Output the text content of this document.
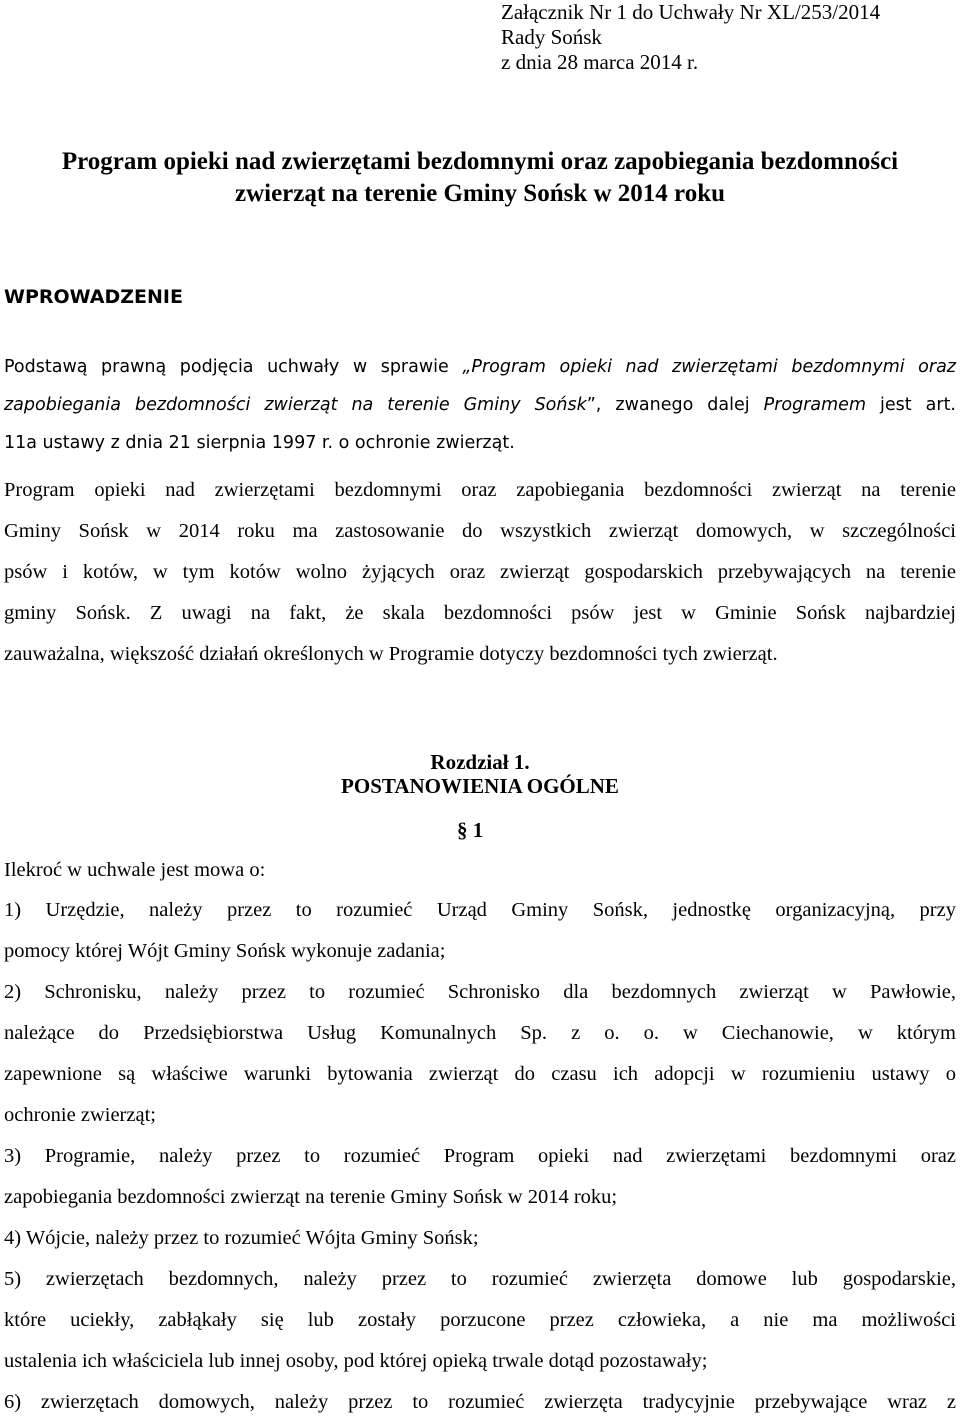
Załącznik Nr 1 do Uchwały Nr XL/253/2014
Rady Sońsk
z dnia 28 marca 2014 r.
Program opieki nad zwierzętami bezdomnymi oraz zapobiegania bezdomności
zwierząt na terenie Gminy Sońsk w 2014 roku
WPROWADZENIE
Podstawą prawną podjęcia uchwały w sprawie „Program opieki nad zwierzętami bezdomnymi oraz
zapobiegania bezdomności zwierząt na terenie Gminy Sońsk”, zwanego dalej Programem jest art.
11a ustawy z dnia 21 sierpnia 1997 r. o ochronie zwierząt.
Program opieki nad zwierzętami bezdomnymi oraz zapobiegania bezdomności zwierząt na terenie
Gminy Sońsk w 2014 roku ma zastosowanie do wszystkich zwierząt domowych, w szczególności
psów i kotów, w tym kotów wolno żyjących oraz zwierząt gospodarskich przebywających na terenie
gminy Sońsk. Z uwagi na fakt, że skala bezdomności psów jest w Gminie Sońsk najbardziej
zauważalna, większość działań określonych w Programie dotyczy bezdomności tych zwierząt.
Rozdział 1.
POSTANOWIENIA OGÓLNE
§ 1
Ilekroć w uchwale jest mowa o:
1) Urzędzie, należy przez to rozumieć Urząd Gminy Sońsk, jednostkę organizacyjną, przy
pomocy której Wójt Gminy Sońsk wykonuje zadania;
2) Schronisku, należy przez to rozumieć Schronisko dla bezdomnych zwierząt w Pawłowie,
należące do Przedsiębiorstwa Usług Komunalnych Sp. z o. o. w Ciechanowie, w którym
zapewnione są właściwe warunki bytowania zwierząt do czasu ich adopcji w rozumieniu ustawy o
ochronie zwierząt;
3) Programie, należy przez to rozumieć Program opieki nad zwierzętami bezdomnymi oraz
zapobiegania bezdomności zwierząt na terenie Gminy Sońsk w 2014 roku;
4) Wójcie, należy przez to rozumieć Wójta Gminy Sońsk;
5) zwierzętach bezdomnych, należy przez to rozumieć zwierzęta domowe lub gospodarskie,
które uciekły, zabłąkały się lub zostały porzucone przez człowieka, a nie ma możliwości
ustalenia ich właściciela lub innej osoby, pod której opieką trwale dotąd pozostawały;
6) zwierzętach domowych, należy przez to rozumieć zwierzęta tradycyjnie przebywające wraz z
